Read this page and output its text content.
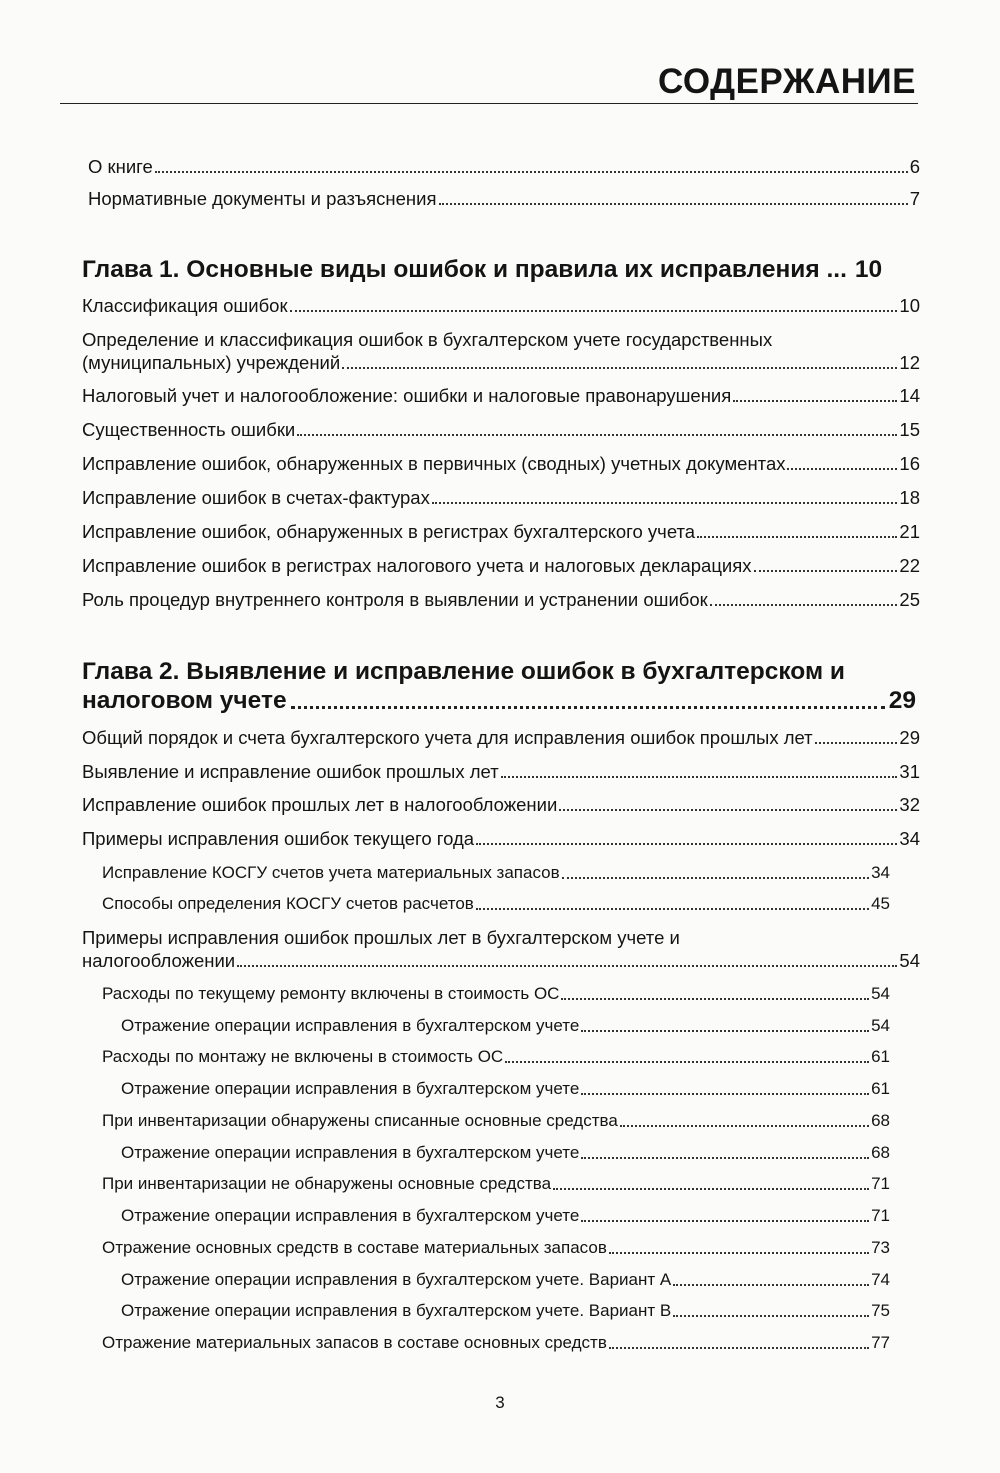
СОДЕРЖАНИЕ
О книге	6
Нормативные документы и разъяснения	7
Глава 1. Основные виды ошибок и правила их исправления ... 10
Классификация ошибок	10
Определение и классификация ошибок в бухгалтерском учете государственных
(муниципальных) учреждений	12
Налоговый учет и налогообложение: ошибки и налоговые правонарушения	14
Существенность ошибки	15
Исправление ошибок, обнаруженных в первичных (сводных) учетных документах	16
Исправление ошибок в счетах-фактурах	18
Исправление ошибок, обнаруженных в регистрах бухгалтерского учета	21
Исправление ошибок в регистрах налогового учета и налоговых декларациях	22
Роль процедур внутреннего контроля в выявлении и устранении ошибок	25
Глава 2. Выявление и исправление ошибок в бухгалтерском и
налоговом учете	29
Общий порядок и счета бухгалтерского учета для исправления ошибок прошлых лет	29
Выявление и исправление ошибок прошлых лет	31
Исправление ошибок прошлых лет в налогообложении	32
Примеры исправления ошибок текущего года	34
Исправление КОСГУ счетов учета материальных запасов	34
Способы определения КОСГУ счетов расчетов	45
Примеры исправления ошибок прошлых лет в бухгалтерском учете и
налогообложении	54
Расходы по текущему ремонту включены в стоимость ОС	54
Отражение операции исправления в бухгалтерском учете	54
Расходы по монтажу не включены в стоимость ОС	61
Отражение операции исправления в бухгалтерском учете	61
При инвентаризации обнаружены списанные основные средства	68
Отражение операции исправления в бухгалтерском учете	68
При инвентаризации не обнаружены основные средства	71
Отражение операции исправления в бухгалтерском учете	71
Отражение основных средств в составе материальных запасов	73
Отражение операции исправления в бухгалтерском учете. Вариант А	74
Отражение операции исправления в бухгалтерском учете. Вариант В	75
Отражение материальных запасов в составе основных средств	77
3
